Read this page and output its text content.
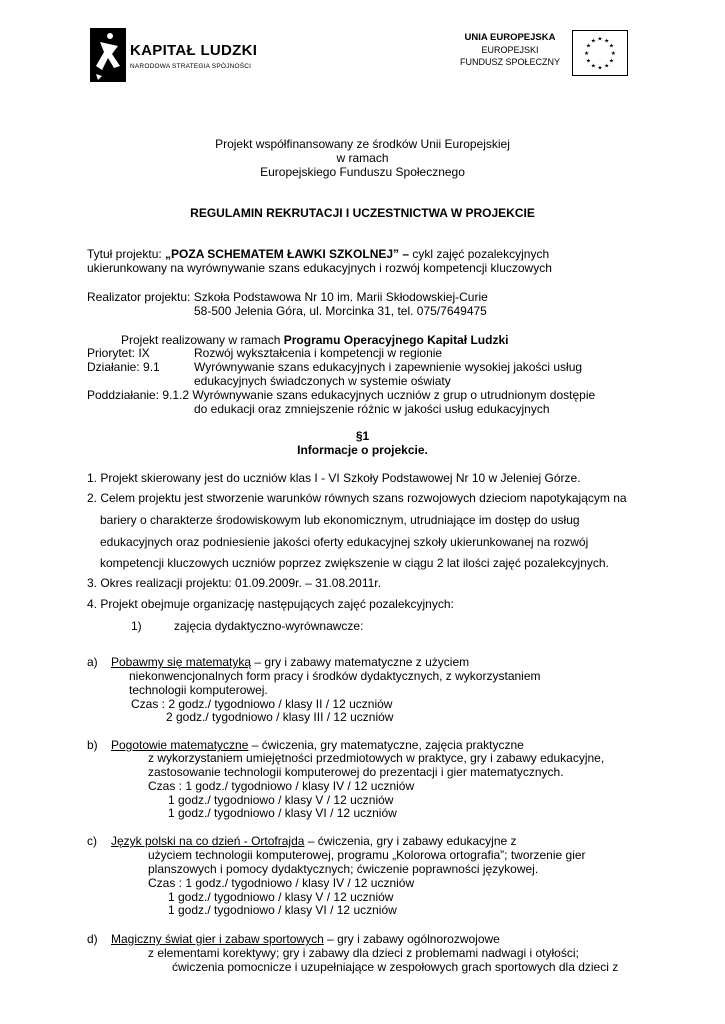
KAPITAŁ LUDZKI
NARODOWA STRATEGIA SPÓJNOŚCI
UNIA EUROPEJSKA
EUROPEJSKI
FUNDUSZ SPOŁECZNY
★ ★
★
★
★
★
★
★
★
★
★
★
Projekt współfinansowany ze środków Unii Europejskiej
w ramach
Europejskiego Funduszu Społecznego
REGULAMIN REKRUTACJI I UCZESTNICTWA W PROJEKCIE
Tytuł projektu: „POZA SCHEMATEM ŁAWKI SZKOLNEJ” – cykl zajęć pozalekcyjnych
ukierunkowany na wyrównywanie szans edukacyjnych i rozwój kompetencji kluczowych
Realizator projektu: Szkoła Podstawowa Nr 10 im. Marii Skłodowskiej-Curie
58-500 Jelenia Góra, ul. Morcinka 31, tel. 075/7649475
Projekt realizowany w ramach Programu Operacyjnego Kapitał Ludzki
Priorytet: IX	Rozwój wykształcenia i kompetencji w regionie
Działanie: 9.1	Wyrównywanie szans edukacyjnych i zapewnienie wysokiej jakości usług
edukacyjnych świadczonych w systemie oświaty
Poddziałanie: 9.1.2 Wyrównywanie szans edukacyjnych uczniów z grup o utrudnionym dostępie
do edukacji oraz zmniejszenie różnic w jakości usług edukacyjnych
§1
Informacje o projekcie.
1. Projekt skierowany jest do uczniów klas I - VI Szkoły Podstawowej Nr 10 w Jeleniej Górze.
2. Celem projektu jest stworzenie warunków równych szans rozwojowych dzieciom napotykającym na
bariery o charakterze środowiskowym lub ekonomicznym, utrudniające im dostęp do usług
edukacyjnych oraz podniesienie jakości oferty edukacyjnej szkoły ukierunkowanej na rozwój
kompetencji kluczowych uczniów poprzez zwiększenie w ciągu 2 lat ilości zajęć pozalekcyjnych.
3. Okres realizacji projektu: 01.09.2009r. – 31.08.2011r.
4. Projekt obejmuje organizację następujących zajęć pozalekcyjnych:
1)	zajęcia dydaktyczno-wyrównawcze:
a) Pobawmy się matematyką – gry i zabawy matematyczne z użyciem
niekonwencjonalnych form pracy i środków dydaktycznych, z wykorzystaniem
technologii komputerowej.
Czas : 2 godz./ tygodniowo / klasy II / 12 uczniów
2 godz./ tygodniowo / klasy III / 12 uczniów
b) Pogotowie matematyczne – ćwiczenia, gry matematyczne, zajęcia praktyczne
z wykorzystaniem umiejętności przedmiotowych w praktyce, gry i zabawy edukacyjne,
zastosowanie technologii komputerowej do prezentacji i gier matematycznych.
Czas : 1 godz./ tygodniowo / klasy IV / 12 uczniów
1 godz./ tygodniowo / klasy V / 12 uczniów
1 godz./ tygodniowo / klasy VI / 12 uczniów
c) Język polski na co dzień - Ortofrajda – ćwiczenia, gry i zabawy edukacyjne z
użyciem technologii komputerowej, programu „Kolorowa ortografia”; tworzenie gier
planszowych i pomocy dydaktycznych; ćwiczenie poprawności językowej.
Czas : 1 godz./ tygodniowo / klasy IV / 12 uczniów
1 godz./ tygodniowo / klasy V / 12 uczniów
1 godz./ tygodniowo / klasy VI / 12 uczniów
d) Magiczny świat gier i zabaw sportowych – gry i zabawy ogólnorozwojowe
z elementami korektywy; gry i zabawy dla dzieci z problemami nadwagi i otyłości;
ćwiczenia pomocnicze i uzupełniające w zespołowych grach sportowych dla dzieci z
